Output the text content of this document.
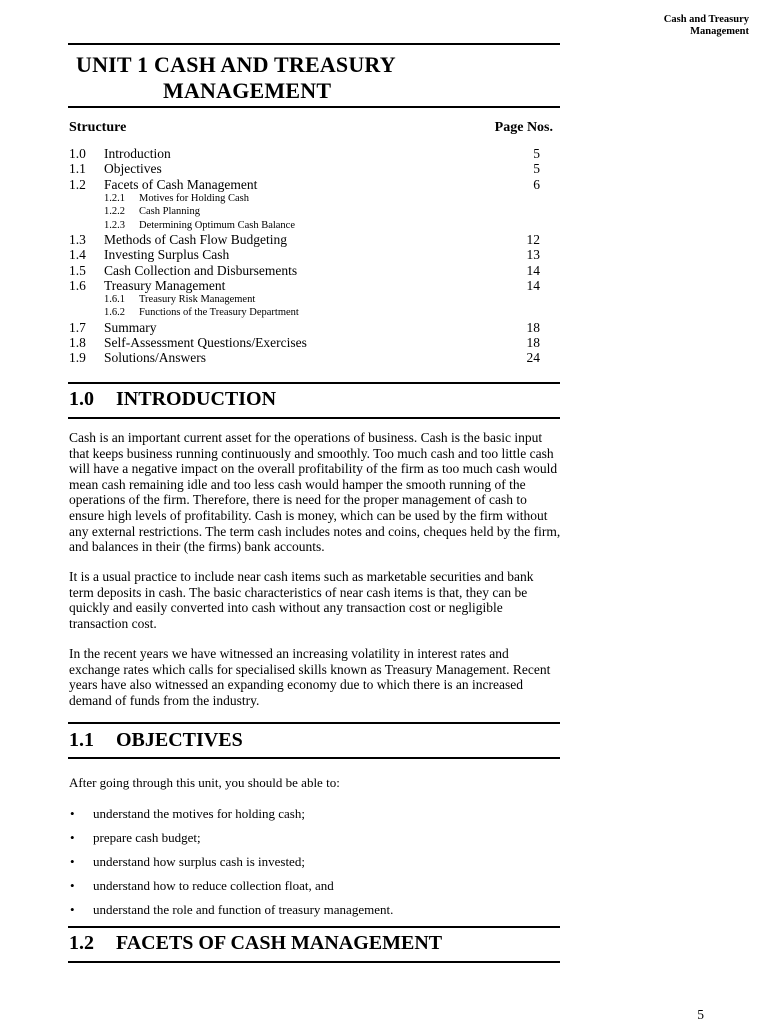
Cash and Treasury
Management
UNIT 1 CASH AND TREASURY
MANAGEMENT
Structure	Page Nos.
1.0 Introduction	5
1.1 Objectives	5
1.2 Facets of Cash Management	6
1.2.1 Motives for Holding Cash
1.2.2 Cash Planning
1.2.3 Determining Optimum Cash Balance
1.3 Methods of Cash Flow Budgeting	12
1.4 Investing Surplus Cash	13
1.5 Cash Collection and Disbursements	14
1.6 Treasury Management	14
1.6.1 Treasury Risk Management
1.6.2 Functions of the Treasury Department
1.7 Summary	18
1.8 Self-Assessment Questions/Exercises	18
1.9 Solutions/Answers	24
1.0 INTRODUCTION
Cash is an important current asset for the operations of business. Cash is the basic input that keeps business running continuously and smoothly. Too much cash and too little cash will have a negative impact on the overall profitability of the firm as too much cash would mean cash remaining idle and too less cash would hamper the smooth running of the operations of the firm. Therefore, there is need for the proper management of cash to ensure high levels of profitability. Cash is money, which can be used by the firm without any external restrictions. The term cash includes notes and coins, cheques held by the firm, and balances in their (the firms) bank accounts.
It is a usual practice to include near cash items such as marketable securities and bank term deposits in cash. The basic characteristics of near cash items is that, they can be quickly and easily converted into cash without any transaction cost or negligible transaction cost.
In the recent years we have witnessed an increasing volatility in interest rates and exchange rates which calls for specialised skills known as Treasury Management. Recent years have also witnessed an expanding economy due to which there is an increased demand of funds from the industry.
1.1 OBJECTIVES
After going through this unit, you should be able to:
• understand the motives for holding cash;
• prepare cash budget;
• understand how surplus cash is invested;
• understand how to reduce collection float, and
• understand the role and function of treasury management.
1.2 FACETS OF CASH MANAGEMENT
5
